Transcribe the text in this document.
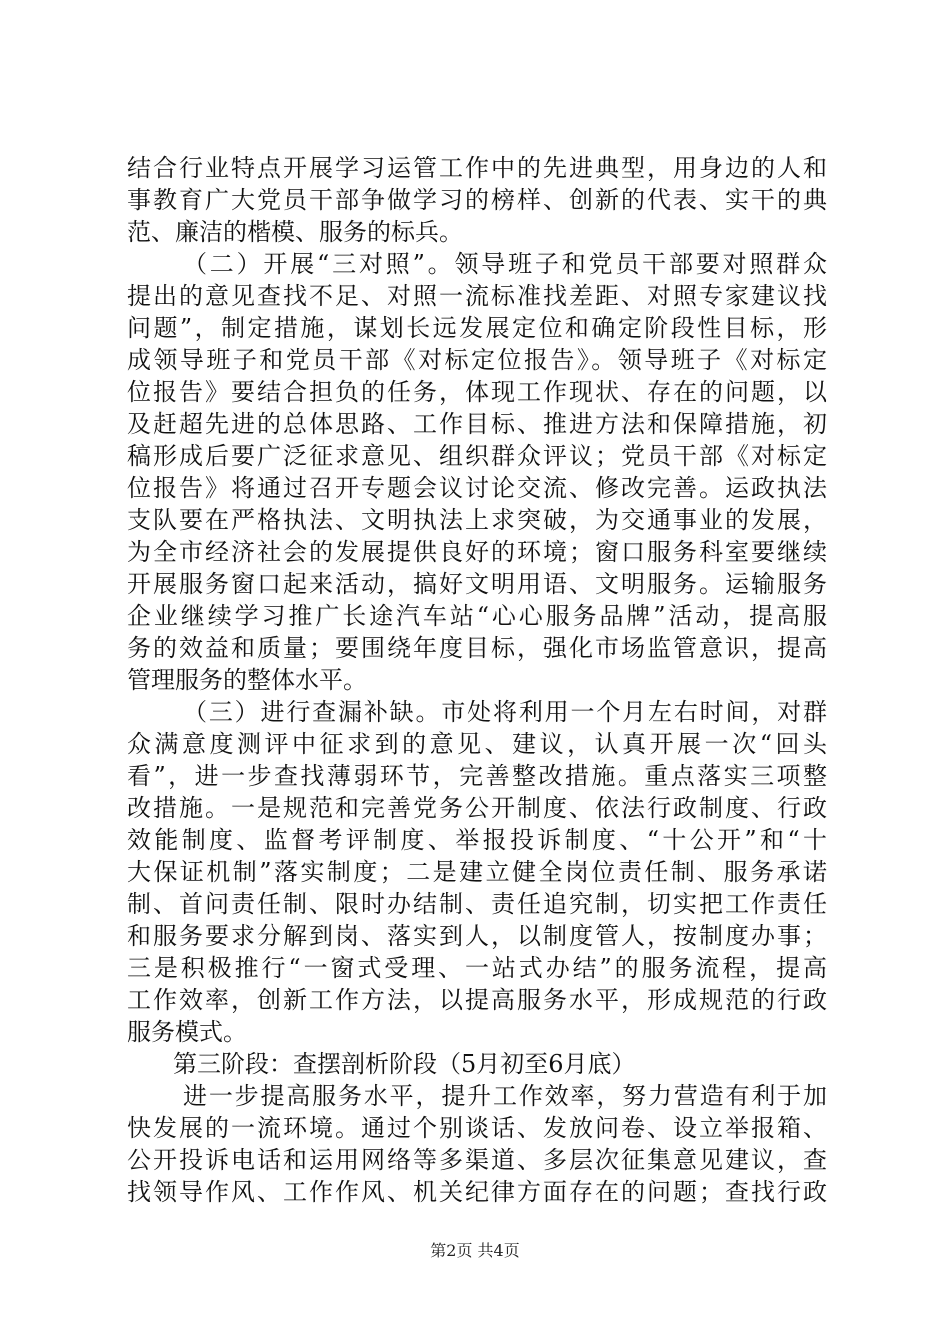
结合行业特点开展学习运管工作中的先进典型，用身边的人和
事教育广大党员干部争做学习的榜样、创新的代表、实干的典
范、廉洁的楷模、服务的标兵。
（二）开展“三对照”。领导班子和党员干部要对照群众
提出的意见查找不足、对照一流标准找差距、对照专家建议找
问题”，制定措施，谋划长远发展定位和确定阶段性目标，形
成领导班子和党员干部《对标定位报告》。领导班子《对标定
位报告》要结合担负的任务，体现工作现状、存在的问题，以
及赶超先进的总体思路、工作目标、推进方法和保障措施，初
稿形成后要广泛征求意见、组织群众评议；党员干部《对标定
位报告》将通过召开专题会议讨论交流、修改完善。运政执法
支队要在严格执法、文明执法上求突破，为交通事业的发展，
为全市经济社会的发展提供良好的环境；窗口服务科室要继续
开展服务窗口起来活动，搞好文明用语、文明服务。运输服务
企业继续学习推广长途汽车站“心心服务品牌”活动，提高服
务的效益和质量；要围绕年度目标，强化市场监管意识，提高
管理服务的整体水平。
（三）进行查漏补缺。市处将利用一个月左右时间，对群
众满意度测评中征求到的意见、建议，认真开展一次“回头
看”，进一步查找薄弱环节，完善整改措施。重点落实三项整
改措施。一是规范和完善党务公开制度、依法行政制度、行政
效能制度、监督考评制度、举报投诉制度、“十公开”和“十
大保证机制”落实制度；二是建立健全岗位责任制、服务承诺
制、首问责任制、限时办结制、责任追究制，切实把工作责任
和服务要求分解到岗、落实到人，以制度管人，按制度办事；
三是积极推行“一窗式受理、一站式办结”的服务流程，提高
工作效率，创新工作方法，以提高服务水平，形成规范的行政
服务模式。
第三阶段：查摆剖析阶段（5月初至6月底）
进一步提高服务水平，提升工作效率，努力营造有利于加
快发展的一流环境。通过个别谈话、发放问卷、设立举报箱、
公开投诉电话和运用网络等多渠道、多层次征集意见建议，查
找领导作风、工作作风、机关纪律方面存在的问题；查找行政
第2页 共4页
